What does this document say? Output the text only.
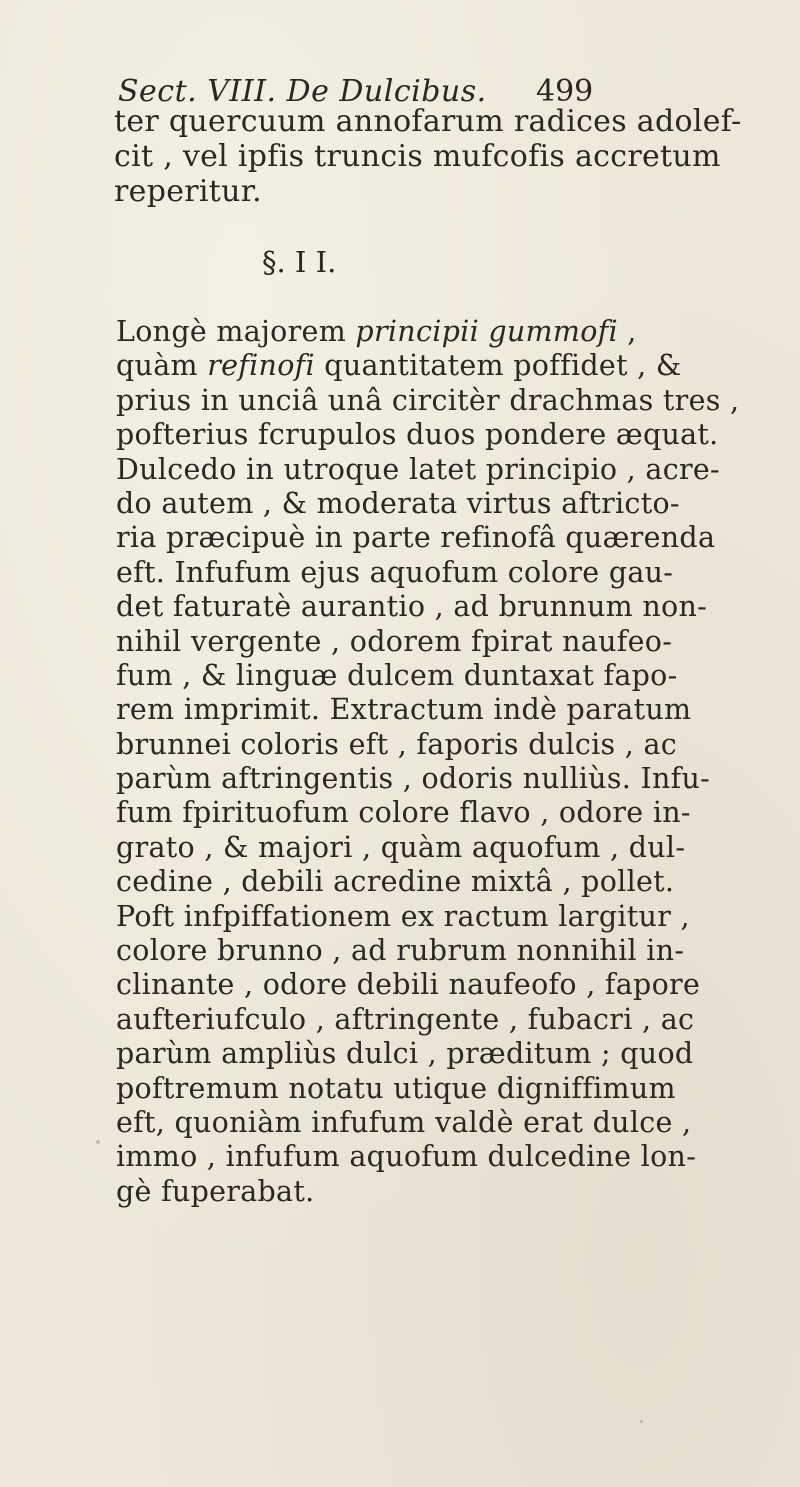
Sect. VIII. De Dulcibus. 499
ter quercuum annofarum radices adolef-
cit , vel ipfis truncis mufcofis accretum
reperitur.
§. I I.
Longè majorem principii gummofi ,
quàm refinofi quantitatem poffidet , &
prius in unciâ unâ circitèr drachmas tres ,
pofterius fcrupulos duos pondere æquat.
Dulcedo in utroque latet principio , acre-
do autem , & moderata virtus aftricto-
ria præcipuè in parte refinofâ quærenda
eft. Infufum ejus aquofum colore gau-
det faturatè aurantio , ad brunnum non-
nihil vergente , odorem fpirat naufeo-
fum , & linguæ dulcem duntaxat fapo-
rem imprimit. Extractum indè paratum
brunnei coloris eft , faporis dulcis , ac
parùm aftringentis , odoris nulliùs. Infu-
fum fpirituofum colore flavo , odore in-
grato , & majori , quàm aquofum , dul-
cedine , debili acredine mixtâ , pollet.
Poft infpiffationem ex ractum largitur ,
colore brunno , ad rubrum nonnihil in-
clinante , odore debili naufeofo , fapore
aufteriufculo , aftringente , fubacri , ac
parùm ampliùs dulci , præditum ; quod
poftremum notatu utique digniffimum
eft, quoniàm infufum valdè erat dulce ,
immo , infufum aquofum dulcedine lon-
gè fuperabat.
